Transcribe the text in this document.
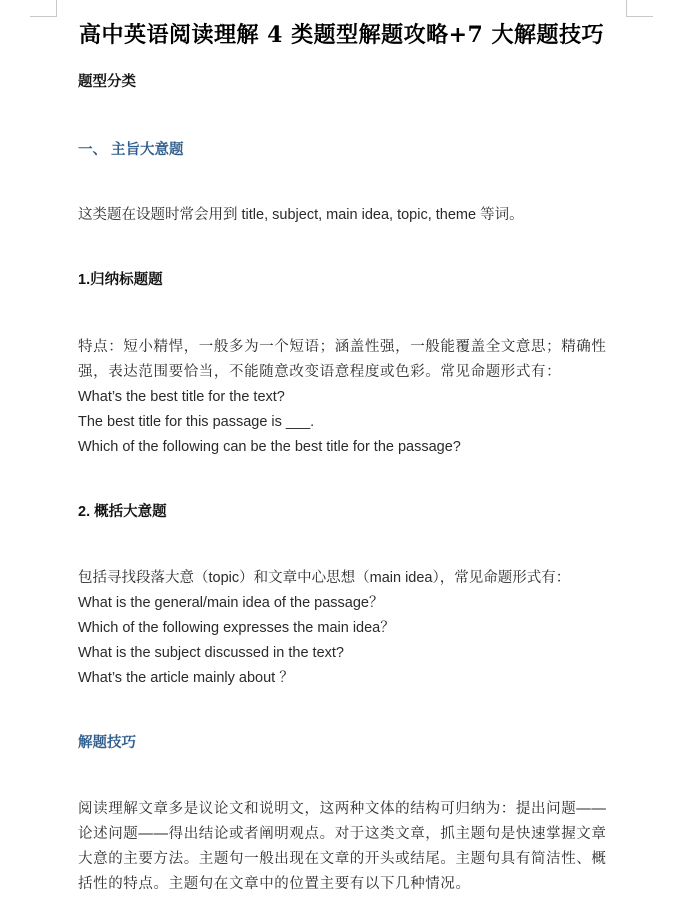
高中英语阅读理解 4 类题型解题攻略+7 大解题技巧
题型分类
一、 主旨大意题
这类题在设题时常会用到 title, subject, main idea, topic, theme 等词。
1.归纳标题题
特点：短小精悍，一般多为一个短语；涵盖性强，一般能覆盖全文意思；精确性
强，表达范围要恰当，不能随意改变语意程度或色彩。常见命题形式有：
What’s the best title for the text?
The best title for this passage is ___.
Which of the following can be the best title for the passage?
2. 概括大意题
包括寻找段落大意（topic）和文章中心思想（main idea），常见命题形式有：
What is the general/main idea of the passage？
Which of the following expresses the main idea？
What is the subject discussed in the text?
What’s the article mainly about ？
解题技巧
阅读理解文章多是议论文和说明文，这两种文体的结构可归纳为：提出问题——
论述问题——得出结论或者阐明观点。对于这类文章，抓主题句是快速掌握文章
大意的主要方法。主题句一般出现在文章的开头或结尾。主题句具有简洁性、概
括性的特点。主题句在文章中的位置主要有以下几种情况。
